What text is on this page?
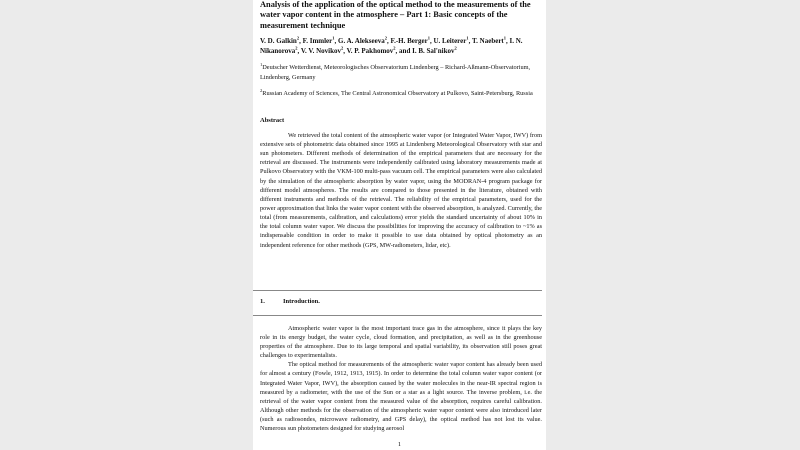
Analysis of the application of the optical method to the measurements of the water vapor content in the atmosphere – Part 1: Basic concepts of the measurement technique

V. D. Galkin$^2$, F. Immler$^1$, G. A. Alekseeva$^2$, F.-H. Berger$^1$, U. Leiterer$^1$, T. Naebert$^1$, I. N. Nikanorova$^2$, V. V. Novikov$^2$, V. P. Pakhomov$^2$, and I. B. Sal'nikov$^2$

$^1$Deutscher Wetterdienst, Meteorologisches Observatorium Lindenberg – Richard-Aßmann-Observatorium, Lindenberg, Germany

$^2$Russian Academy of Sciences, The Central Astronomical Observatory at Pulkovo, Saint-Petersburg, Russia

Abstract

We retrieved the total content of the atmospheric water vapor (or Integrated Water Vapor, IWV) from extensive sets of photometric data obtained since 1995 at Lindenberg Meteorological Observatory with star and sun photometers. Different methods of determination of the empirical parameters that are necessary for the retrieval are discussed. The instruments were independently calibrated using laboratory measurements made at Pulkovo Observatory with the VKM-100 multi-pass vacuum cell. The empirical parameters were also calculated by the simulation of the atmospheric absorption by water vapor, using the MODRAN-4 program package for different model atmospheres. The results are compared to those presented in the literature, obtained with different instruments and methods of the retrieval. The reliability of the empirical parameters, used for the power approximation that links the water vapor content with the observed absorption, is analyzed. Currently, the total (from measurements, calibration, and calculations) error yields the standard uncertainty of about 10% in the total column water vapor. We discuss the possibilities for improving the accuracy of calibration to ~1% as indispensable condition in order to make it possible to use data obtained by optical photometry as an independent reference for other methods (GPS, MW-radiometers, lidar, etc).

1.	Introduction.

Atmospheric water vapor is the most important trace gas in the atmosphere, since it plays the key role in its energy budget, the water cycle, cloud formation, and precipitation, as well as in the greenhouse properties of the atmosphere. Due to its large temporal and spatial variability, its observation still poses great challenges to experimentalists.

The optical method for measurements of the atmospheric water vapor content has already been used for almost a century (Fowle, 1912, 1913, 1915). In order to determine the total column water vapor content (or Integrated Water Vapor, IWV), the absorption caused by the water molecules in the near-IR spectral region is measured by a radiometer, with the use of the Sun or a star as a light source. The inverse problem, i.e. the retrieval of the water vapor content from the measured value of the absorption, requires careful calibration. Although other methods for the observation of the atmospheric water vapor content were also introduced later (such as radiosondes, microwave radiometry, and GPS delay), the optical method has not lost its value. Numerous sun photometers designed for studying aerosol

1
